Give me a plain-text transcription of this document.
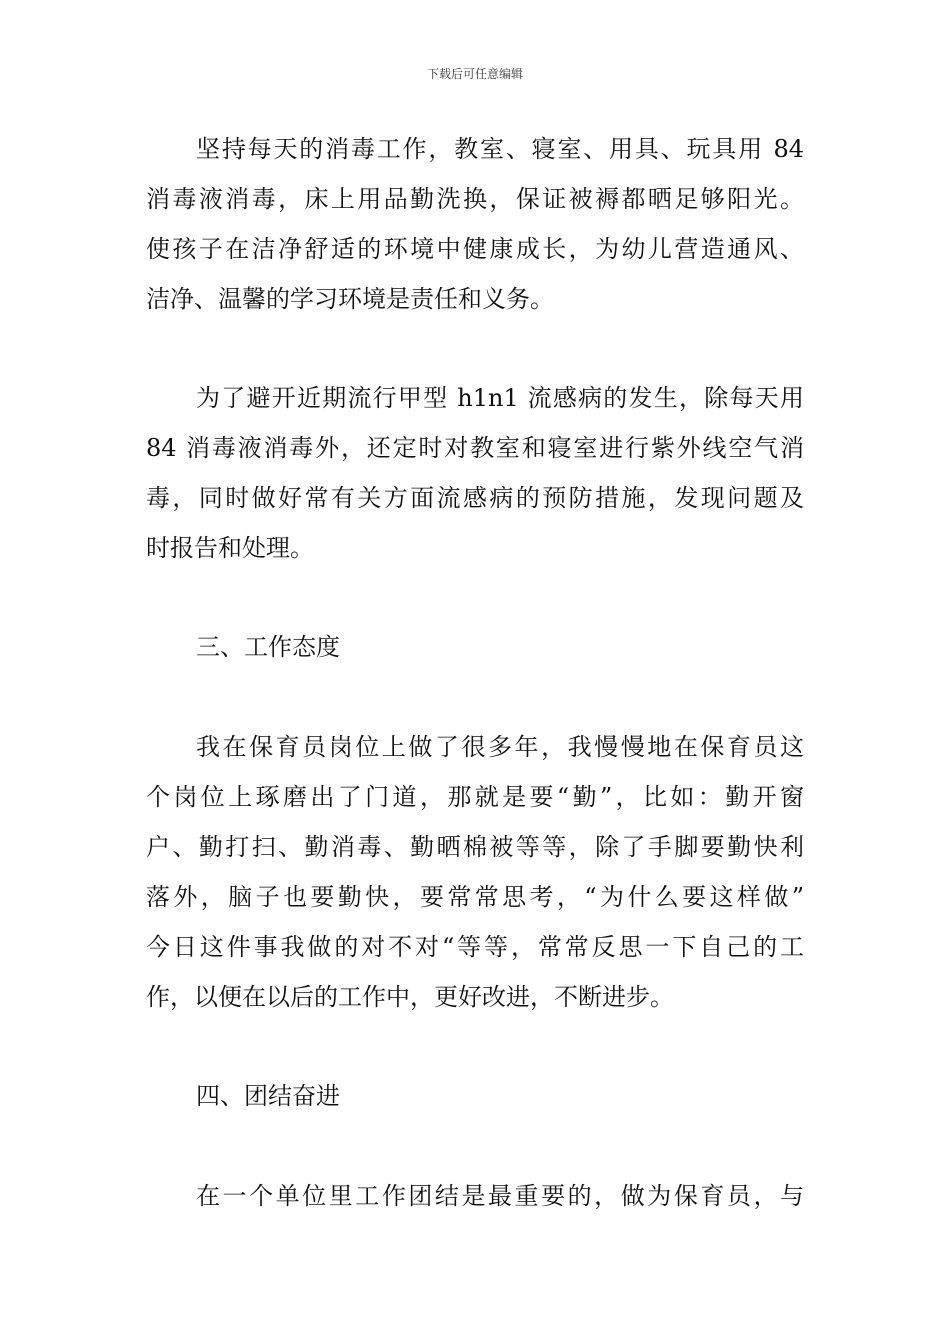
下载后可任意编辑
坚持每天的消毒工作，教室、寝室、用具、玩具用 84
消毒液消毒，床上用品勤洗换，保证被褥都晒足够阳光。
使孩子在洁净舒适的环境中健康成长，为幼儿营造通风、
洁净、温馨的学习环境是责任和义务。
为了避开近期流行甲型 h1n1 流感病的发生，除每天用
84 消毒液消毒外，还定时对教室和寝室进行紫外线空气消
毒，同时做好常有关方面流感病的预防措施，发现问题及
时报告和处理。
三、工作态度
我在保育员岗位上做了很多年，我慢慢地在保育员这
个岗位上琢磨出了门道，那就是要“勤”，比如：勤开窗
户、勤打扫、勤消毒、勤晒棉被等等，除了手脚要勤快利
落外，脑子也要勤快，要常常思考，“为什么要这样做”
今日这件事我做的对不对“等等，常常反思一下自己的工
作，以便在以后的工作中，更好改进，不断进步。
四、团结奋进
在一个单位里工作团结是最重要的，做为保育员，与
